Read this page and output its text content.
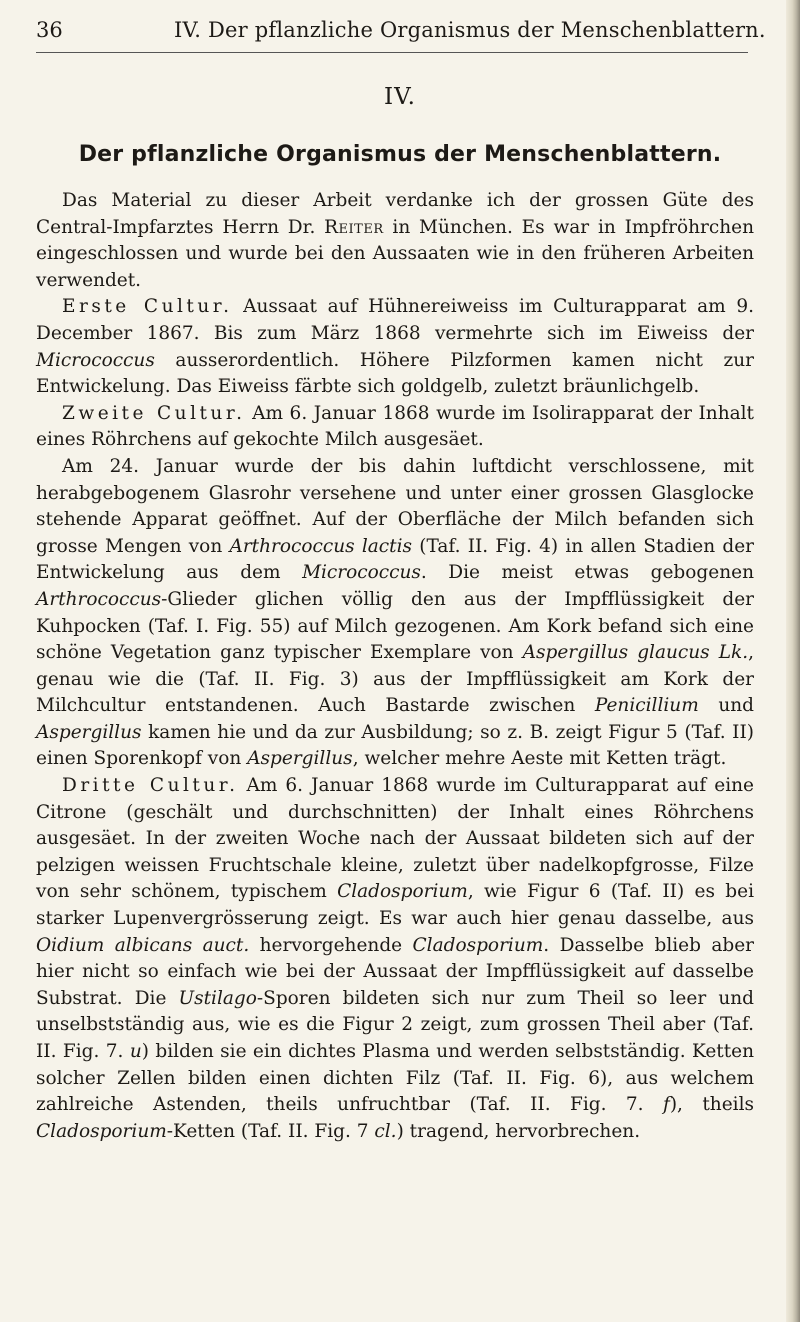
36	IV. Der pflanzliche Organismus der Menschenblattern.
IV.
Der pflanzliche Organismus der Menschenblattern.

Das Material zu dieser Arbeit verdanke ich der grossen Güte des Central-Impfarztes Herrn Dr. Reiter in München. Es war in Impfröhrchen eingeschlossen und wurde bei den Aussaaten wie in den früheren Arbeiten verwendet.

Erste Cultur. Aussaat auf Hühnereiweiss im Culturapparat am 9. December 1867. Bis zum März 1868 vermehrte sich im Eiweiss der Micrococcus ausserordentlich. Höhere Pilzformen kamen nicht zur Entwickelung. Das Eiweiss färbte sich goldgelb, zuletzt bräunlichgelb.

Zweite Cultur. Am 6. Januar 1868 wurde im Isolirapparat der Inhalt eines Röhrchens auf gekochte Milch ausgesäet.

Am 24. Januar wurde der bis dahin luftdicht verschlossene, mit herabgebogenem Glasrohr versehene und unter einer grossen Glasglocke stehende Apparat geöffnet. Auf der Oberfläche der Milch befanden sich grosse Mengen von Arthrococcus lactis (Taf. II. Fig. 4) in allen Stadien der Entwickelung aus dem Micrococcus. Die meist etwas gebogenen Arthrococcus-Glieder glichen völlig den aus der Impfflüssigkeit der Kuhpocken (Taf. I. Fig. 55) auf Milch gezogenen. Am Kork befand sich eine schöne Vegetation ganz typischer Exemplare von Aspergillus glaucus Lk., genau wie die (Taf. II. Fig. 3) aus der Impfflüssigkeit am Kork der Milchcultur entstandenen. Auch Bastarde zwischen Penicillium und Aspergillus kamen hie und da zur Ausbildung; so z. B. zeigt Figur 5 (Taf. II) einen Sporenkopf von Aspergillus, welcher mehre Aeste mit Ketten trägt.

Dritte Cultur. Am 6. Januar 1868 wurde im Culturapparat auf eine Citrone (geschält und durchschnitten) der Inhalt eines Röhrchens ausgesäet. In der zweiten Woche nach der Aussaat bildeten sich auf der pelzigen weissen Fruchtschale kleine, zuletzt über nadelkopfgrosse, Filze von sehr schönem, typischem Cladosporium, wie Figur 6 (Taf. II) es bei starker Lupenvergrösserung zeigt. Es war auch hier genau dasselbe, aus Oidium albicans auct. hervorgehende Cladosporium. Dasselbe blieb aber hier nicht so einfach wie bei der Aussaat der Impfflüssigkeit auf dasselbe Substrat. Die Ustilago-Sporen bildeten sich nur zum Theil so leer und unselbstständig aus, wie es die Figur 2 zeigt, zum grossen Theil aber (Taf. II. Fig. 7. u) bilden sie ein dichtes Plasma und werden selbstständig. Ketten solcher Zellen bilden einen dichten Filz (Taf. II. Fig. 6), aus welchem zahlreiche Astenden, theils unfruchtbar (Taf. II. Fig. 7. f), theils Cladosporium-Ketten (Taf. II. Fig. 7 cl.) tragend, hervorbrechen.
